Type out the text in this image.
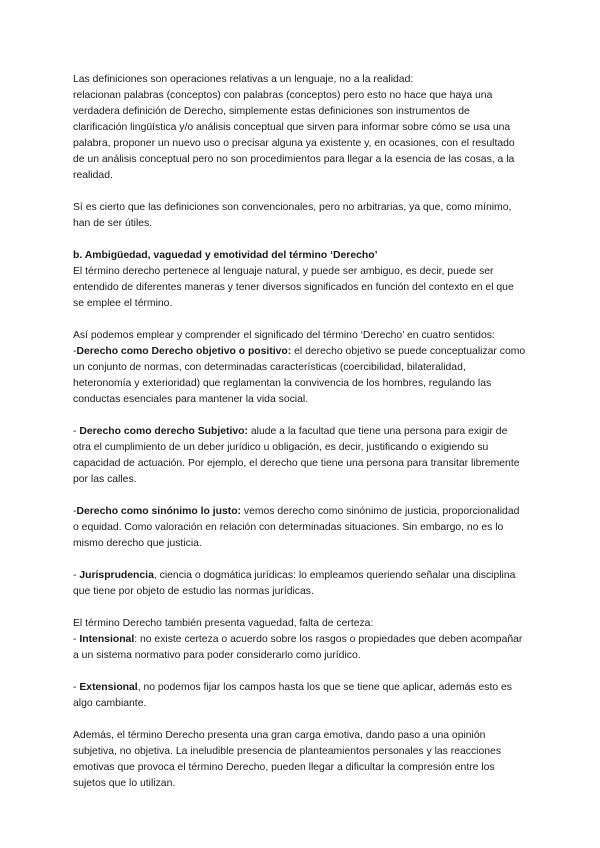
Las definiciones son operaciones relativas a un lenguaje, no a la realidad:
relacionan palabras (conceptos) con palabras (conceptos) pero esto no hace que haya una verdadera definición de Derecho, simplemente estas definiciones son instrumentos de clarificación lingüística y/o análisis conceptual que sirven para informar sobre cómo se usa una palabra, proponer un nuevo uso o precisar alguna ya existente y, en ocasiones, con el resultado de un análisis conceptual pero no son procedimientos para llegar a la esencia de las cosas, a la realidad.

Sí es cierto que las definiciones son convencionales, pero no arbitrarias, ya que, como mínimo, han de ser útiles.

b. Ambigüedad, vaguedad y emotividad del término ‘Derecho’

El término derecho pertenece al lenguaje natural, y puede ser ambiguo, es decir, puede ser entendido de diferentes maneras y tener diversos significados en función del contexto en el que se emplee el término.

Así podemos emplear y comprender el significado del término ‘Derecho’ en cuatro sentidos:

-Derecho como Derecho objetivo o positivo: el derecho objetivo se puede conceptualizar como un conjunto de normas, con determinadas características (coercibilidad, bilateralidad, heteronomía y exterioridad) que reglamentan la convivencia de los hombres, regulando las conductas esenciales para mantener la vida social.

- Derecho como derecho Subjetivo: alude a la facultad que tiene una persona para exigir de otra el cumplimiento de un deber jurídico u obligación, es decir, justificando o exigiendo su capacidad de actuación. Por ejemplo, el derecho que tiene una persona para transitar libremente por las calles.

-Derecho como sinónimo lo justo: vemos derecho como sinónimo de justicia, proporcionalidad o equidad. Como valoración en relación con determinadas situaciones. Sin embargo, no es lo mismo derecho que justicia.

- Jurisprudencia, ciencia o dogmática jurídicas: lo empleamos queriendo señalar una disciplina que tiene por objeto de estudio las normas jurídicas.

El término Derecho también presenta vaguedad, falta de certeza:

- Intensional: no existe certeza o acuerdo sobre los rasgos o propiedades que deben acompañar a un sistema normativo para poder considerarlo como jurídico.

- Extensional, no podemos fijar los campos hasta los que se tiene que aplicar, además esto es algo cambiante.

Además, el término Derecho presenta una gran carga emotiva, dando paso a una opinión subjetiva, no objetiva. La ineludible presencia de planteamientos personales y las reacciones emotivas que provoca el término Derecho, pueden llegar a dificultar la compresión entre los sujetos que lo utilizan.
